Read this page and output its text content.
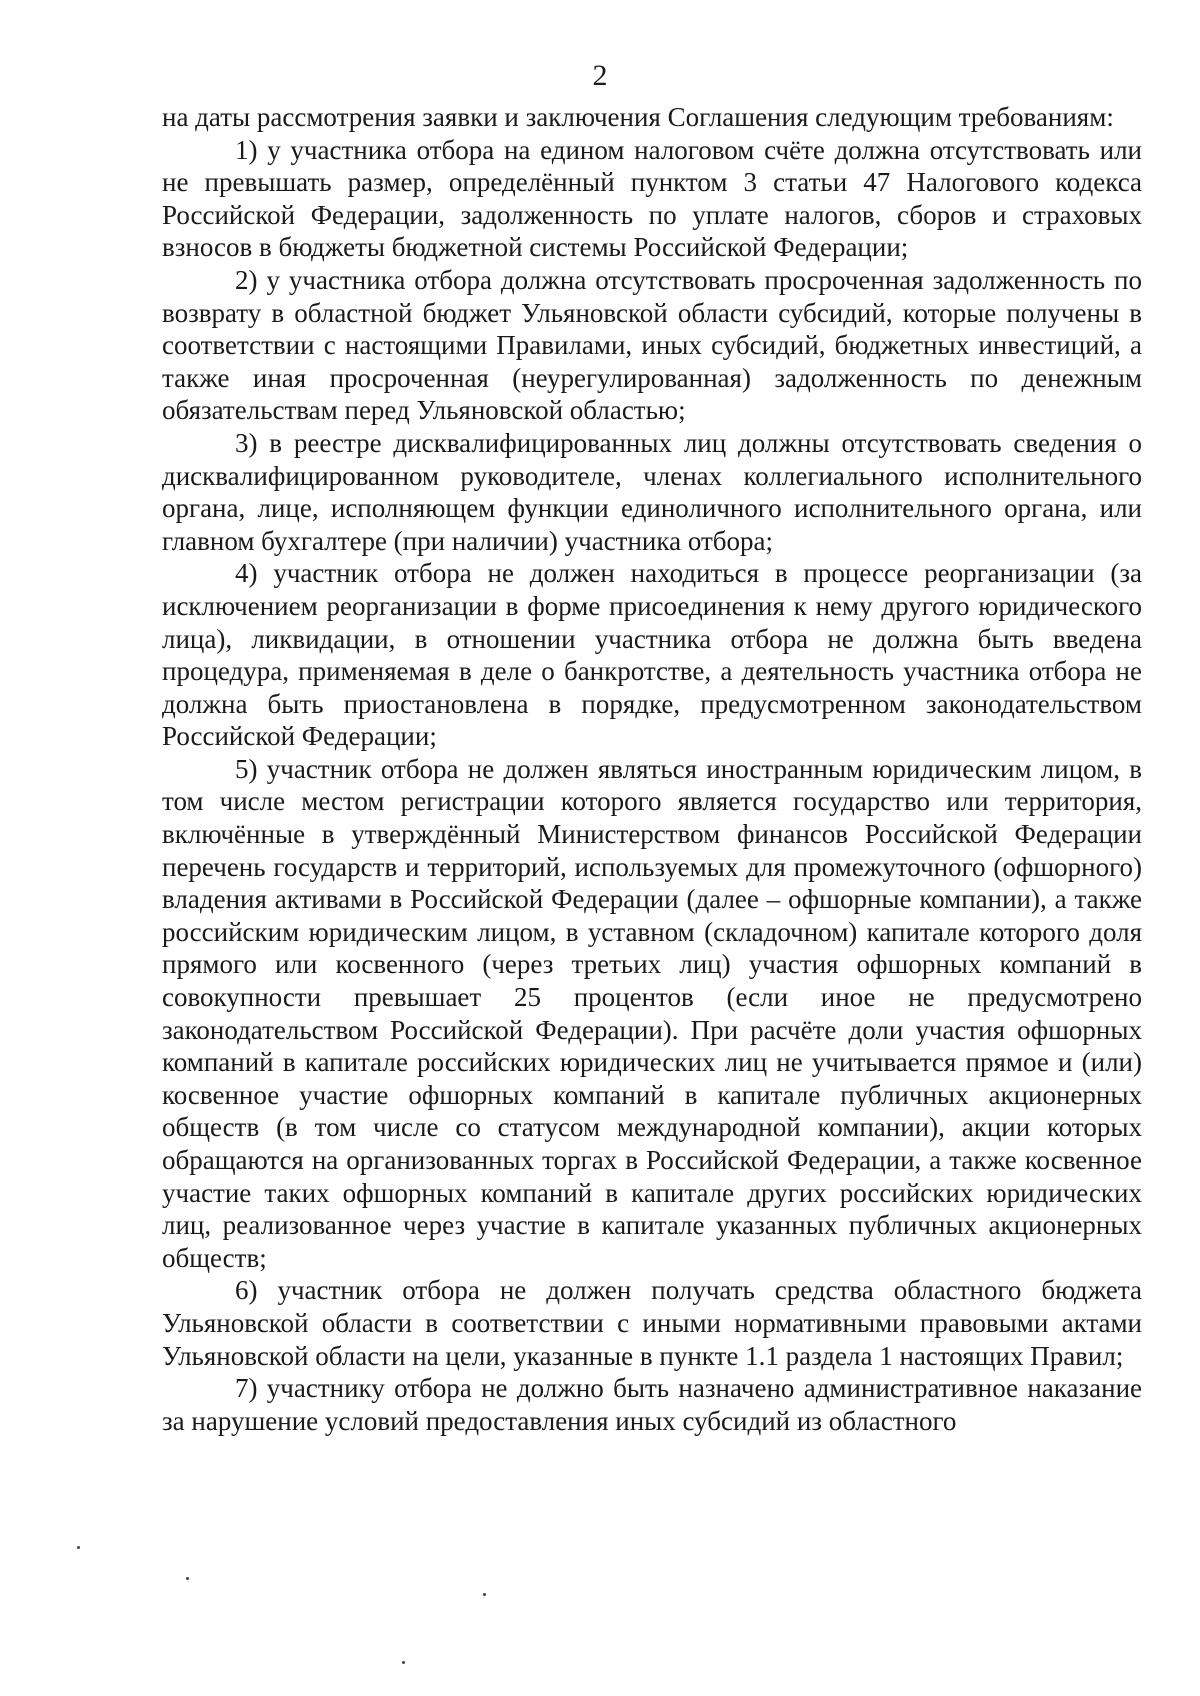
2

на даты рассмотрения заявки и заключения Соглашения следующим требованиям:

1) у участника отбора на едином налоговом счёте должна отсутствовать или не превышать размер, определённый пунктом 3 статьи 47 Налогового кодекса Российской Федерации, задолженность по уплате налогов, сборов и страховых взносов в бюджеты бюджетной системы Российской Федерации;

2) у участника отбора должна отсутствовать просроченная задолженность по возврату в областной бюджет Ульяновской области субсидий, которые получены в соответствии с настоящими Правилами, иных субсидий, бюджетных инвестиций, а также иная просроченная (неурегулированная) задолженность по денежным обязательствам перед Ульяновской областью;

3) в реестре дисквалифицированных лиц должны отсутствовать сведения о дисквалифицированном руководителе, членах коллегиального исполнительного органа, лице, исполняющем функции единоличного исполнительного органа, или главном бухгалтере (при наличии) участника отбора;

4) участник отбора не должен находиться в процессе реорганизации (за исключением реорганизации в форме присоединения к нему другого юридического лица), ликвидации, в отношении участника отбора не должна быть введена процедура, применяемая в деле о банкротстве, а деятельность участника отбора не должна быть приостановлена в порядке, предусмотренном законодательством Российской Федерации;

5) участник отбора не должен являться иностранным юридическим лицом, в том числе местом регистрации которого является государство или территория, включённые в утверждённый Министерством финансов Российской Федерации перечень государств и территорий, используемых для промежуточного (офшорного) владения активами в Российской Федерации (далее – офшорные компании), а также российским юридическим лицом, в уставном (складочном) капитале которого доля прямого или косвенного (через третьих лиц) участия офшорных компаний в совокупности превышает 25 процентов (если иное не предусмотрено законодательством Российской Федерации). При расчёте доли участия офшорных компаний в капитале российских юридических лиц не учитывается прямое и (или) косвенное участие офшорных компаний в капитале публичных акционерных обществ (в том числе со статусом международной компании), акции которых обращаются на организованных торгах в Российской Федерации, а также косвенное участие таких офшорных компаний в капитале других российских юридических лиц, реализованное через участие в капитале указанных публичных акционерных обществ;

6) участник отбора не должен получать средства областного бюджета Ульяновской области в соответствии с иными нормативными правовыми актами Ульяновской области на цели, указанные в пункте 1.1 раздела 1 настоящих Правил;

7) участнику отбора не должно быть назначено административное наказание за нарушение условий предоставления иных субсидий из областного
